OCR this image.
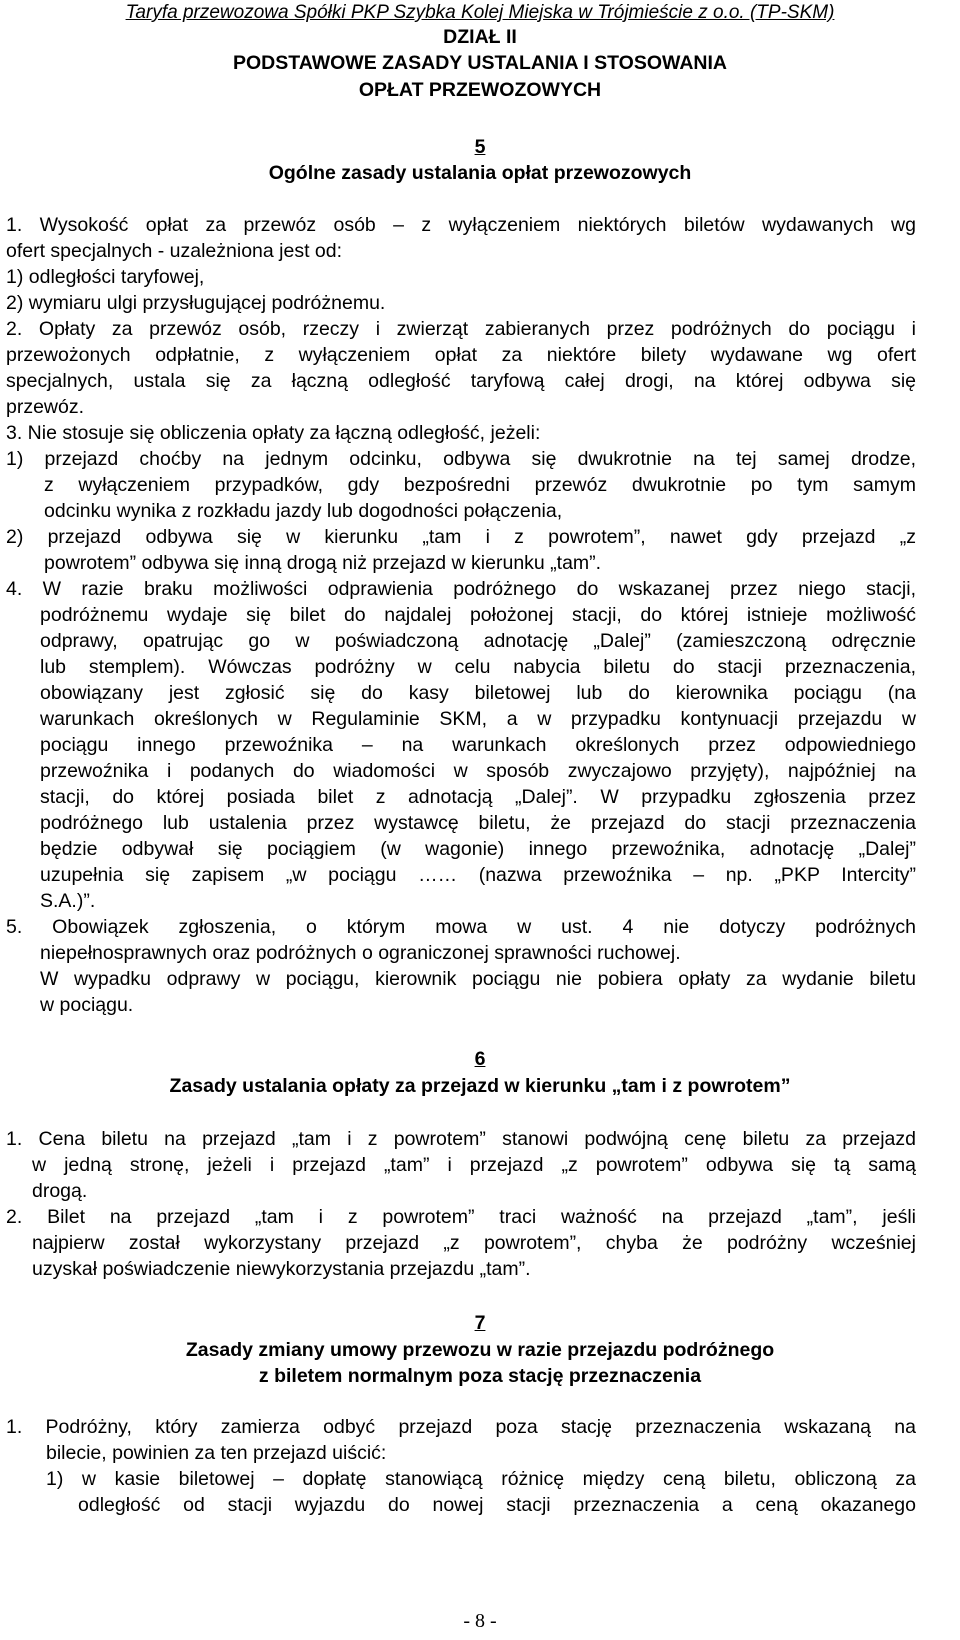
Taryfa przewozowa Spółki PKP Szybka Kolej Miejska w Trójmieście z o.o. (TP-SKM)
DZIAŁ II
PODSTAWOWE ZASADY USTALANIA I STOSOWANIA
OPŁAT PRZEWOZOWYCH
5
Ogólne zasady ustalania opłat przewozowych
1. Wysokość opłat za przewóz osób – z wyłączeniem niektórych biletów wydawanych wg
ofert specjalnych - uzależniona jest od:
1) odległości taryfowej,
2) wymiaru ulgi przysługującej podróżnemu.
2. Opłaty za przewóz osób, rzeczy i zwierząt zabieranych przez podróżnych do pociągu i
przewożonych odpłatnie, z wyłączeniem opłat za niektóre bilety wydawane wg ofert
specjalnych, ustala się za łączną odległość taryfową całej drogi, na której odbywa się
przewóz.
3. Nie stosuje się obliczenia opłaty za łączną odległość, jeżeli:
1) przejazd choćby na jednym odcinku, odbywa się dwukrotnie na tej samej drodze,
z wyłączeniem przypadków, gdy bezpośredni przewóz dwukrotnie po tym samym
odcinku wynika z rozkładu jazdy lub dogodności połączenia,
2) przejazd odbywa się w kierunku „tam i z powrotem”, nawet gdy przejazd „z
powrotem” odbywa się inną drogą niż przejazd w kierunku „tam”.
4. W razie braku możliwości odprawienia podróżnego do wskazanej przez niego stacji,
podróżnemu wydaje się bilet do najdalej położonej stacji, do której istnieje możliwość
odprawy, opatrując go w poświadczoną adnotację „Dalej” (zamieszczoną odręcznie
lub stemplem). Wówczas podróżny w celu nabycia biletu do stacji przeznaczenia,
obowiązany jest zgłosić się do kasy biletowej lub do kierownika pociągu (na
warunkach określonych w Regulaminie SKM, a w przypadku kontynuacji przejazdu w
pociągu innego przewoźnika – na warunkach określonych przez odpowiedniego
przewoźnika i podanych do wiadomości w sposób zwyczajowo przyjęty), najpóźniej na
stacji, do której posiada bilet z adnotacją „Dalej”. W przypadku zgłoszenia przez
podróżnego lub ustalenia przez wystawcę biletu, że przejazd do stacji przeznaczenia
będzie odbywał się pociągiem (w wagonie) innego przewoźnika, adnotację „Dalej”
uzupełnia się zapisem „w pociągu …… (nazwa przewoźnika – np. „PKP Intercity”
S.A.)”.
5. Obowiązek zgłoszenia, o którym mowa w ust. 4 nie dotyczy podróżnych
niepełnosprawnych oraz podróżnych o ograniczonej sprawności ruchowej.
W wypadku odprawy w pociągu, kierownik pociągu nie pobiera opłaty za wydanie biletu
w pociągu.
6
Zasady ustalania opłaty za przejazd w kierunku „tam i z powrotem”
1. Cena biletu na przejazd „tam i z powrotem” stanowi podwójną cenę biletu za przejazd
w jedną stronę, jeżeli i przejazd „tam” i przejazd „z powrotem” odbywa się tą samą
drogą.
2. Bilet na przejazd „tam i z powrotem” traci ważność na przejazd „tam”, jeśli
najpierw został wykorzystany przejazd „z powrotem”, chyba że podróżny wcześniej
uzyskał poświadczenie niewykorzystania przejazdu „tam”.
7
Zasady zmiany umowy przewozu w razie przejazdu podróżnego
z biletem normalnym poza stację przeznaczenia
1. Podróżny, który zamierza odbyć przejazd poza stację przeznaczenia wskazaną na
bilecie, powinien za ten przejazd uiścić:
1) w kasie biletowej – dopłatę stanowiącą różnicę między ceną biletu, obliczoną za
odległość od stacji wyjazdu do nowej stacji przeznaczenia a ceną okazanego
- 8 -
